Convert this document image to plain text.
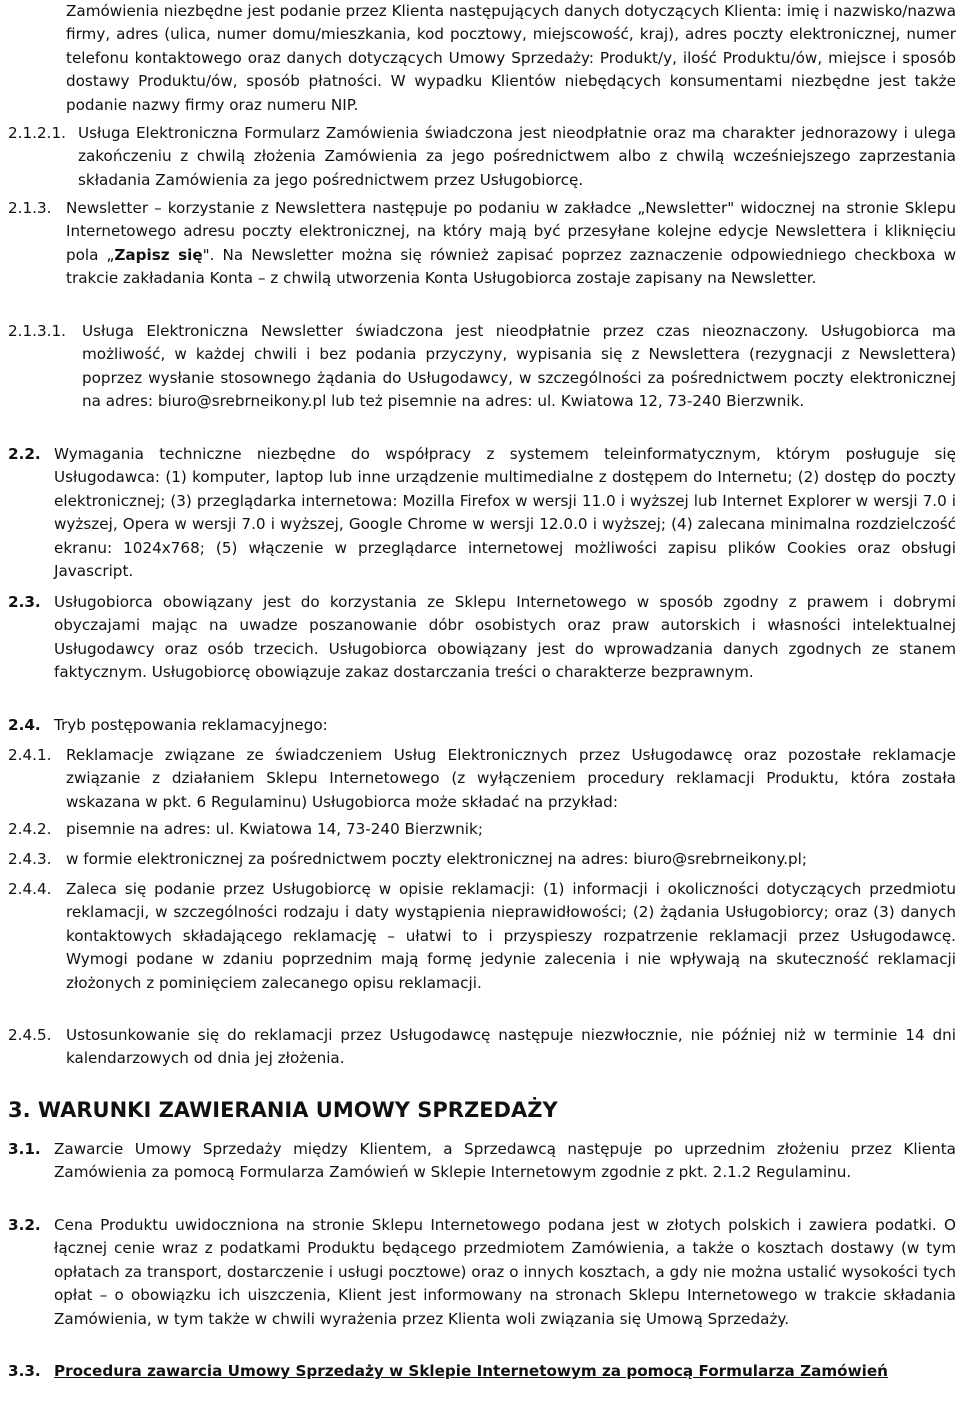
Zamówienia niezbędne jest podanie przez Klienta następujących danych dotyczących Klienta: imię i nazwisko/nazwa firmy, adres (ulica, numer domu/mieszkania, kod pocztowy, miejscowość, kraj), adres poczty elektronicznej, numer telefonu kontaktowego oraz danych dotyczących Umowy Sprzedaży: Produkt/y, ilość Produktu/ów, miejsce i sposób dostawy Produktu/ów, sposób płatności. W wypadku Klientów niebędących konsumentami niezbędne jest także podanie nazwy firmy oraz numeru NIP.
2.1.2.1. Usługa Elektroniczna Formularz Zamówienia świadczona jest nieodpłatnie oraz ma charakter jednorazowy i ulega zakończeniu z chwilą złożenia Zamówienia za jego pośrednictwem albo z chwilą wcześniejszego zaprzestania składania Zamówienia za jego pośrednictwem przez Usługobiorcę.
2.1.3. Newsletter – korzystanie z Newslettera następuje po podaniu w zakładce „Newsletter" widocznej na stronie Sklepu Internetowego adresu poczty elektronicznej, na który mają być przesyłane kolejne edycje Newslettera i kliknięciu pola „Zapisz się". Na Newsletter można się również zapisać poprzez zaznaczenie odpowiedniego checkboxa w trakcie zakładania Konta – z chwilą utworzenia Konta Usługobiorca zostaje zapisany na Newsletter.
2.1.3.1.	Usługa Elektroniczna Newsletter świadczona jest nieodpłatnie przez czas nieoznaczony. Usługobiorca ma możliwość, w każdej chwili i bez podania przyczyny, wypisania się z Newslettera (rezygnacji z Newslettera) poprzez wysłanie stosownego żądania do Usługodawcy, w szczególności za pośrednictwem poczty elektronicznej na adres: biuro@srebrneikony.pl lub też pisemnie na adres: ul. Kwiatowa 12, 73-240 Bierzwnik.
2.2. Wymagania techniczne niezbędne do współpracy z systemem teleinformatycznym, którym posługuje się Usługodawca: (1) komputer, laptop lub inne urządzenie multimedialne z dostępem do Internetu; (2) dostęp do poczty elektronicznej; (3) przeglądarka internetowa: Mozilla Firefox w wersji 11.0 i wyższej lub Internet Explorer w wersji 7.0 i wyższej, Opera w wersji 7.0 i wyższej, Google Chrome w wersji 12.0.0 i wyższej; (4) zalecana minimalna rozdzielczość ekranu: 1024x768; (5) włączenie w przeglądarce internetowej możliwości zapisu plików Cookies oraz obsługi Javascript.
2.3. Usługobiorca obowiązany jest do korzystania ze Sklepu Internetowego w sposób zgodny z prawem i dobrymi obyczajami mając na uwadze poszanowanie dóbr osobistych oraz praw autorskich i własności intelektualnej Usługodawcy oraz osób trzecich. Usługobiorca obowiązany jest do wprowadzania danych zgodnych ze stanem faktycznym. Usługobiorcę obowiązuje zakaz dostarczania treści o charakterze bezprawnym.
2.4. Tryb postępowania reklamacyjnego:
2.4.1. Reklamacje związane ze świadczeniem Usług Elektronicznych przez Usługodawcę oraz pozostałe reklamacje związanie z działaniem Sklepu Internetowego (z wyłączeniem procedury reklamacji Produktu, która została wskazana w pkt. 6 Regulaminu) Usługobiorca może składać na przykład:
2.4.2. pisemnie na adres: ul. Kwiatowa 14, 73-240 Bierzwnik;
2.4.3. w formie elektronicznej za pośrednictwem poczty elektronicznej na adres: biuro@srebrneikony.pl;
2.4.4. Zaleca się podanie przez Usługobiorcę w opisie reklamacji: (1) informacji i okoliczności dotyczących przedmiotu reklamacji, w szczególności rodzaju i daty wystąpienia nieprawidłowości; (2) żądania Usługobiorcy; oraz (3) danych kontaktowych składającego reklamację – ułatwi to i przyspieszy rozpatrzenie reklamacji przez Usługodawcę. Wymogi podane w zdaniu poprzednim mają formę jedynie zalecenia i nie wpływają na skuteczność reklamacji złożonych z pominięciem zalecanego opisu reklamacji.
2.4.5. Ustosunkowanie się do reklamacji przez Usługodawcę następuje niezwłocznie, nie później niż w terminie 14 dni kalendarzowych od dnia jej złożenia.
3. WARUNKI ZAWIERANIA UMOWY SPRZEDAŻY
3.1. Zawarcie Umowy Sprzedaży między Klientem, a Sprzedawcą następuje po uprzednim złożeniu przez Klienta Zamówienia za pomocą Formularza Zamówień w Sklepie Internetowym zgodnie z pkt. 2.1.2 Regulaminu.
3.2. Cena Produktu uwidoczniona na stronie Sklepu Internetowego podana jest w złotych polskich i zawiera podatki. O łącznej cenie wraz z podatkami Produktu będącego przedmiotem Zamówienia, a także o kosztach dostawy (w tym opłatach za transport, dostarczenie i usługi pocztowe) oraz o innych kosztach, a gdy nie można ustalić wysokości tych opłat – o obowiązku ich uiszczenia, Klient jest informowany na stronach Sklepu Internetowego w trakcie składania Zamówienia, w tym także w chwili wyrażenia przez Klienta woli związania się Umową Sprzedaży.
3.3. Procedura zawarcia Umowy Sprzedaży w Sklepie Internetowym za pomocą Formularza Zamówień
